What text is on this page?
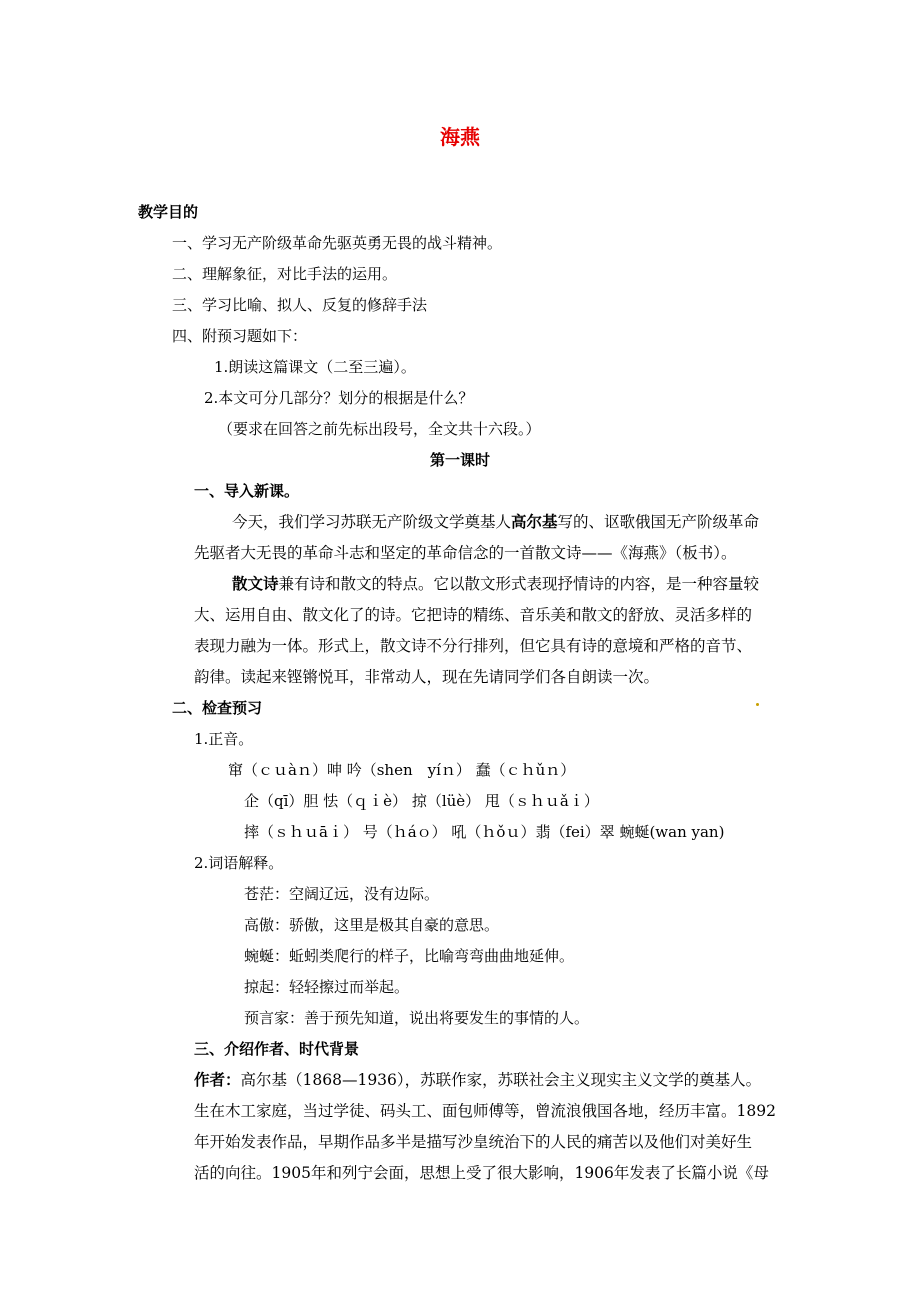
海燕
教学目的
一、学习无产阶级革命先驱英勇无畏的战斗精神。
二、理解象征，对比手法的运用。
三、学习比喻、拟人、反复的修辞手法
四、附预习题如下：
1.朗读这篇课文（二至三遍）。
2.本文可分几部分？划分的根据是什么？
（要求在回答之前先标出段号，全文共十六段。）
第一课时
一、导入新课。
今天，我们学习苏联无产阶级文学奠基人高尔基写的、讴歌俄国无产阶级革命
先驱者大无畏的革命斗志和坚定的革命信念的一首散文诗——《海燕》（板书）。
散文诗兼有诗和散文的特点。它以散文形式表现抒情诗的内容，是一种容量较
大、运用自由、散文化了的诗。它把诗的精练、音乐美和散文的舒放、灵活多样的
表现力融为一体。形式上，散文诗不分行排列，但它具有诗的意境和严格的音节、
韵律。读起来铿锵悦耳，非常动人，现在先请同学们各自朗读一次。
二、检查预习
1.正音。
窜（ｃｕàｎ）呻 吟（shen　yíｎ） 蠢（ｃｈǔｎ）
企（qī）胆 怯（ｑｉè） 掠（lüè） 甩（ｓｈｕǎｉ）
摔（ｓｈｕāｉ） 号（ｈáｏ） 吼（ｈǒｕ）翡（fei）翠 蜿蜒(wan yan)
2.词语解释。
苍茫：空阔辽远，没有边际。
高傲：骄傲，这里是极其自豪的意思。
蜿蜒：蚯蚓类爬行的样子，比喻弯弯曲曲地延伸。
掠起：轻轻擦过而举起。
预言家：善于预先知道，说出将要发生的事情的人。
三、介绍作者、时代背景
作者：高尔基（1868—1936），苏联作家，苏联社会主义现实主义文学的奠基人。
生在木工家庭，当过学徒、码头工、面包师傅等，曾流浪俄国各地，经历丰富。1892
年开始发表作品，早期作品多半是描写沙皇统治下的人民的痛苦以及他们对美好生
活的向往。1905年和列宁会面，思想上受了很大影响，1906年发表了长篇小说《母
